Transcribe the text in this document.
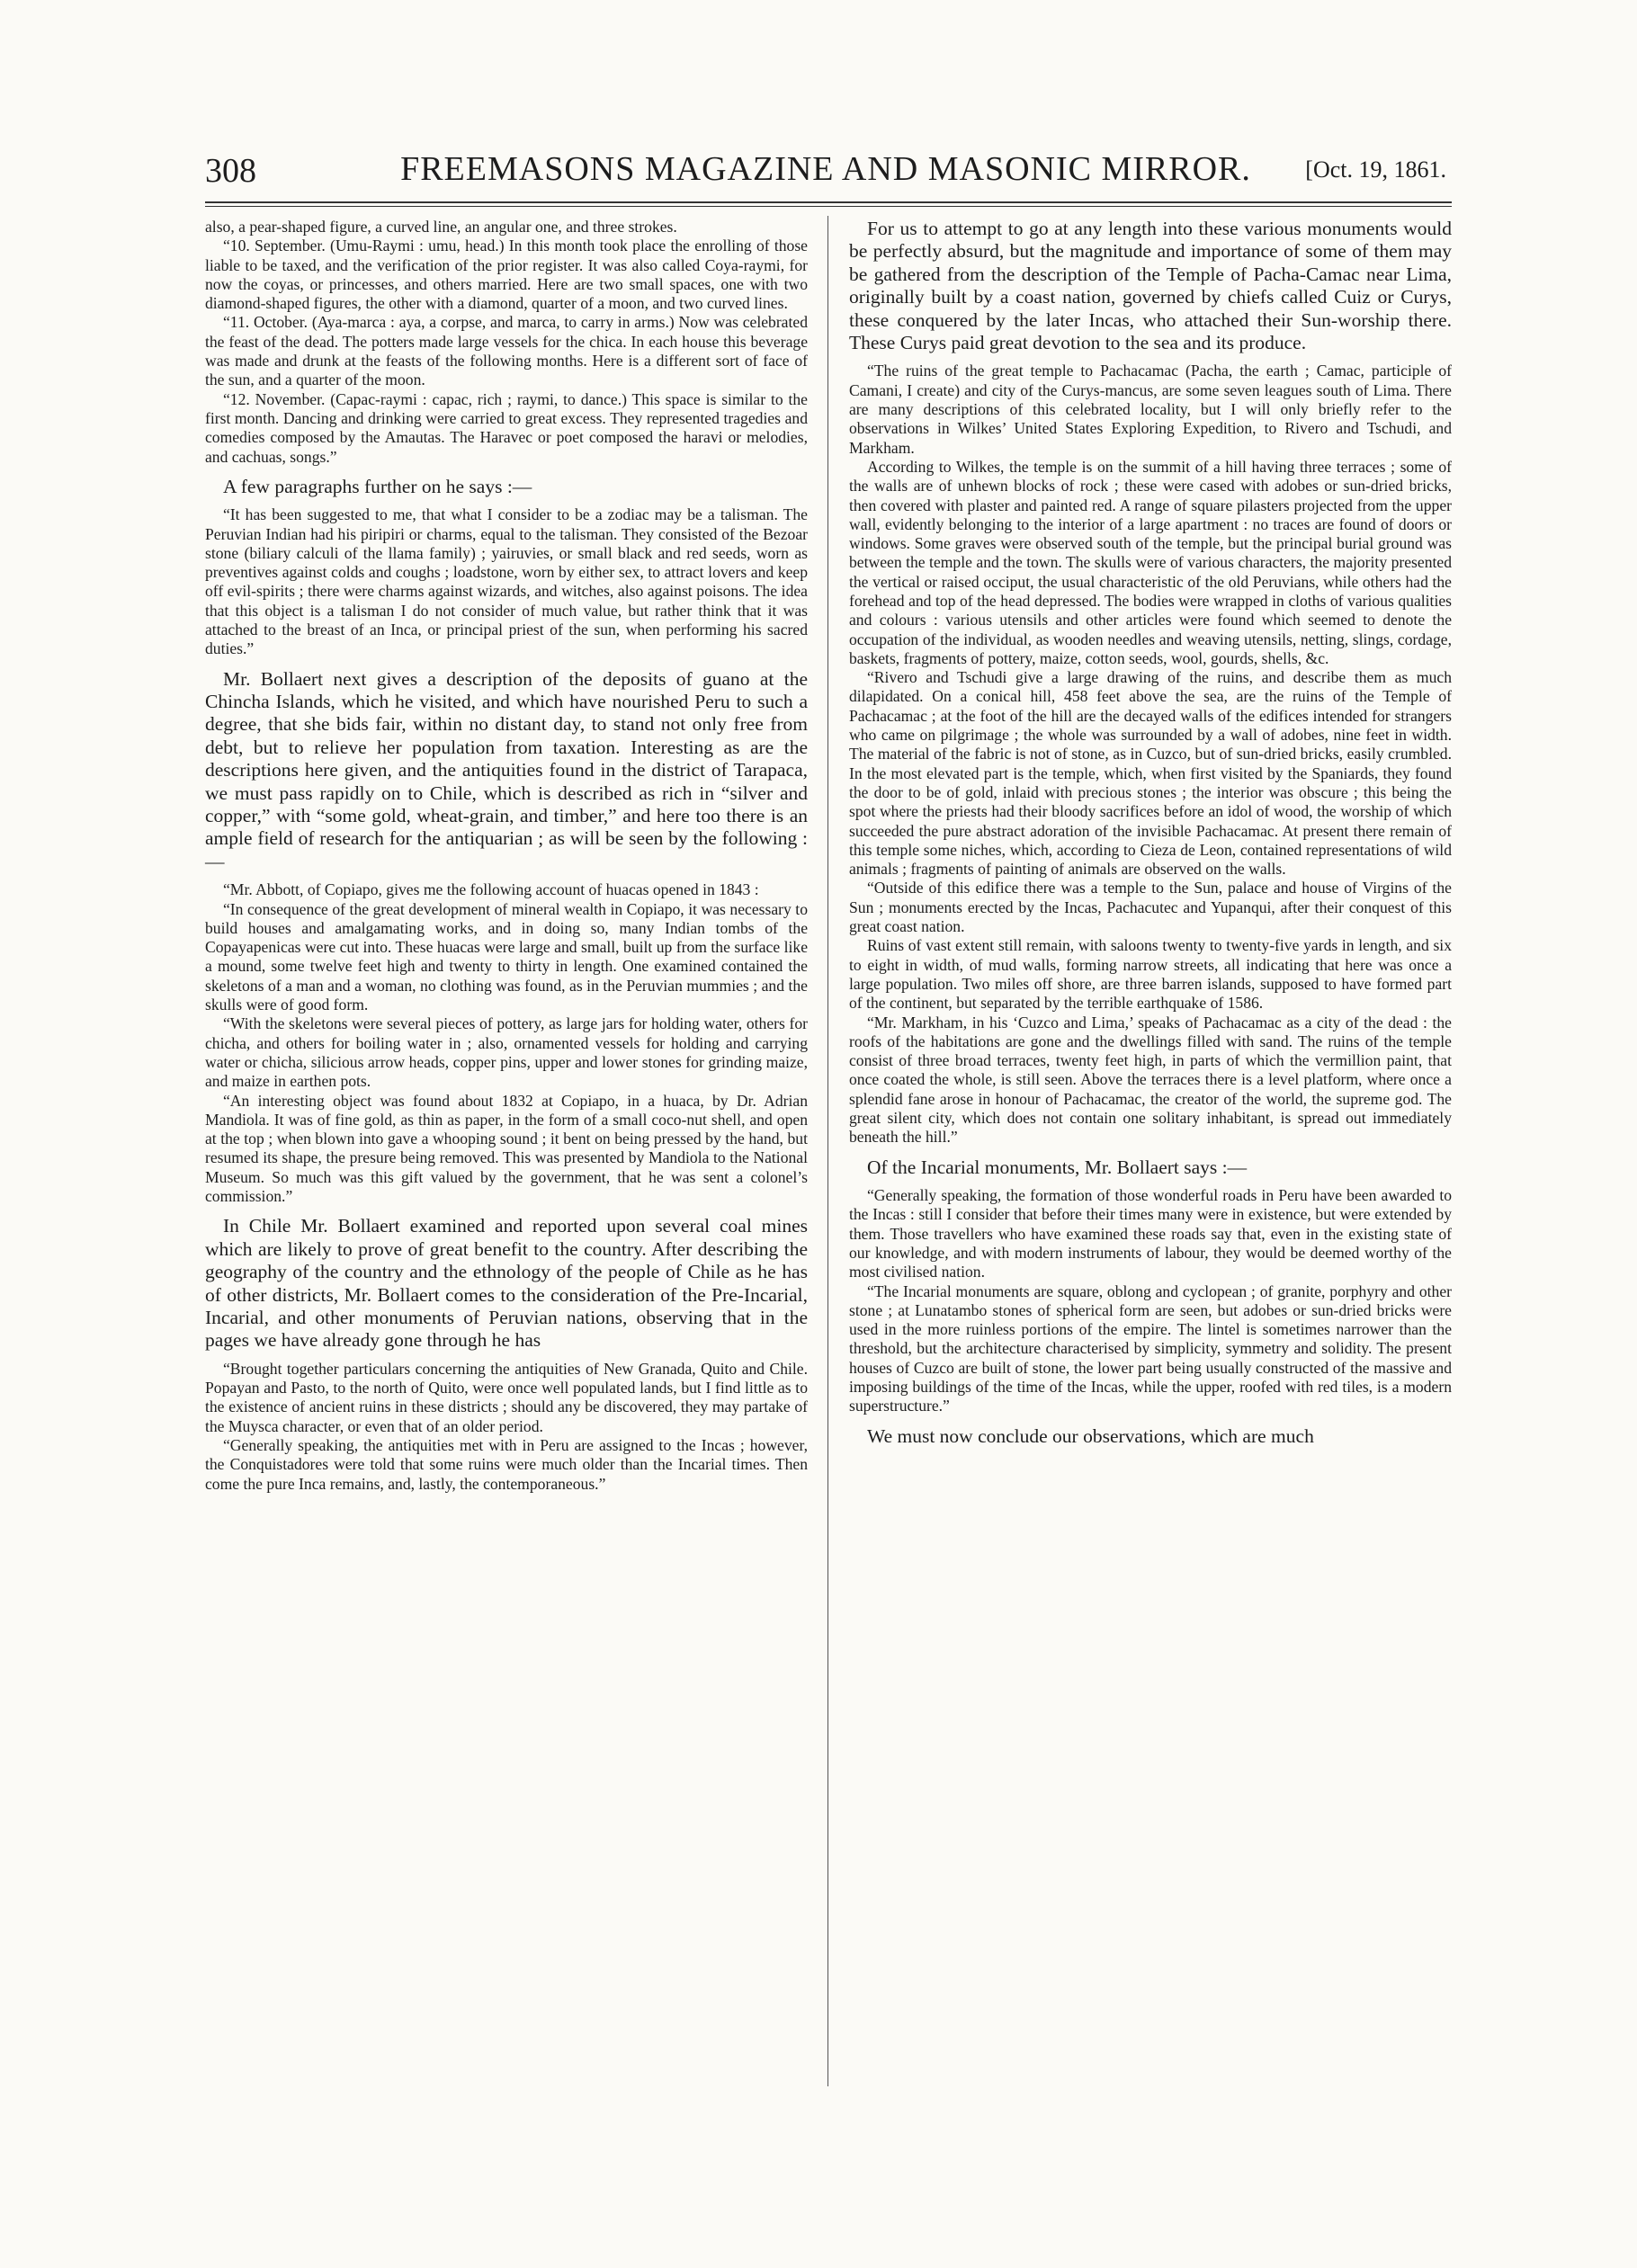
308	FREEMASONS MAGAZINE AND MASONIC MIRROR.	[Oct. 19, 1861.

also, a pear-shaped figure, a curved line, an angular one, and three strokes.

“10. September. (Umu-Raymi : umu, head.) In this month took place the enrolling of those liable to be taxed, and the verification of the prior register. It was also called Coya-raymi, for now the coyas, or princesses, and others married. Here are two small spaces, one with two diamond-shaped figures, the other with a diamond, quarter of a moon, and two curved lines.

“11. October. (Aya-marca : aya, a corpse, and marca, to carry in arms.) Now was celebrated the feast of the dead. The potters made large vessels for the chica. In each house this beverage was made and drunk at the feasts of the following months. Here is a different sort of face of the sun, and a quarter of the moon.

“12. November. (Capac-raymi : capac, rich ; raymi, to dance.) This space is similar to the first month. Dancing and drinking were carried to great excess. They represented tragedies and comedies composed by the Amautas. The Haravec or poet composed the haravi or melodies, and cachuas, songs.”

A few paragraphs further on he says :—

“It has been suggested to me, that what I consider to be a zodiac may be a talisman. The Peruvian Indian had his piripiri or charms, equal to the talisman. They consisted of the Bezoar stone (biliary calculi of the llama family) ; yairuvies, or small black and red seeds, worn as preventives against colds and coughs ; loadstone, worn by either sex, to attract lovers and keep off evil-spirits ; there were charms against wizards, and witches, also against poisons. The idea that this object is a talisman I do not consider of much value, but rather think that it was attached to the breast of an Inca, or principal priest of the sun, when performing his sacred duties.”

Mr. Bollaert next gives a description of the deposits of guano at the Chincha Islands, which he visited, and which have nourished Peru to such a degree, that she bids fair, within no distant day, to stand not only free from debt, but to relieve her population from taxation. Interesting as are the descriptions here given, and the antiquities found in the district of Tarapaca, we must pass rapidly on to Chile, which is described as rich in “silver and copper,” with “some gold, wheat-grain, and timber,” and here too there is an ample field of research for the antiquarian ; as will be seen by the following :—

“Mr. Abbott, of Copiapo, gives me the following account of huacas opened in 1843 :

“In consequence of the great development of mineral wealth in Copiapo, it was necessary to build houses and amalgamating works, and in doing so, many Indian tombs of the Copayapenicas were cut into. These huacas were large and small, built up from the surface like a mound, some twelve feet high and twenty to thirty in length. One examined contained the skeletons of a man and a woman, no clothing was found, as in the Peruvian mummies ; and the skulls were of good form.

“With the skeletons were several pieces of pottery, as large jars for holding water, others for chicha, and others for boiling water in ; also, ornamented vessels for holding and carrying water or chicha, silicious arrow heads, copper pins, upper and lower stones for grinding maize, and maize in earthen pots.

“An interesting object was found about 1832 at Copiapo, in a huaca, by Dr. Adrian Mandiola. It was of fine gold, as thin as paper, in the form of a small coco-nut shell, and open at the top ; when blown into gave a whooping sound ; it bent on being pressed by the hand, but resumed its shape, the presure being removed. This was presented by Mandiola to the National Museum. So much was this gift valued by the government, that he was sent a colonel’s commission.”

In Chile Mr. Bollaert examined and reported upon several coal mines which are likely to prove of great benefit to the country. After describing the geography of the country and the ethnology of the people of Chile as he has of other districts, Mr. Bollaert comes to the consideration of the Pre-Incarial, Incarial, and other monuments of Peruvian nations, observing that in the pages we have already gone through he has

“Brought together particulars concerning the antiquities of New Granada, Quito and Chile. Popayan and Pasto, to the north of Quito, were once well populated lands, but I find little as to the existence of ancient ruins in these districts ; should any be discovered, they may partake of the Muysca character, or even that of an older period.

“Generally speaking, the antiquities met with in Peru are assigned to the Incas ; however, the Conquistadores were told that some ruins were much older than the Incarial times. Then come the pure Inca remains, and, lastly, the contemporaneous.”

For us to attempt to go at any length into these various monuments would be perfectly absurd, but the magnitude and importance of some of them may be gathered from the description of the Temple of Pacha-Camac near Lima, originally built by a coast nation, governed by chiefs called Cuiz or Curys, these conquered by the later Incas, who attached their Sun-worship there. These Curys paid great devotion to the sea and its produce.

“The ruins of the great temple to Pachacamac (Pacha, the earth ; Camac, participle of Camani, I create) and city of the Curys-mancus, are some seven leagues south of Lima. There are many descriptions of this celebrated locality, but I will only briefly refer to the observations in Wilkes’ United States Exploring Expedition, to Rivero and Tschudi, and Markham.

According to Wilkes, the temple is on the summit of a hill having three terraces ; some of the walls are of unhewn blocks of rock ; these were cased with adobes or sun-dried bricks, then covered with plaster and painted red. A range of square pilasters projected from the upper wall, evidently belonging to the interior of a large apartment : no traces are found of doors or windows. Some graves were observed south of the temple, but the principal burial ground was between the temple and the town. The skulls were of various characters, the majority presented the vertical or raised occiput, the usual characteristic of the old Peruvians, while others had the forehead and top of the head depressed. The bodies were wrapped in cloths of various qualities and colours : various utensils and other articles were found which seemed to denote the occupation of the individual, as wooden needles and weaving utensils, netting, slings, cordage, baskets, fragments of pottery, maize, cotton seeds, wool, gourds, shells, &c.

“Rivero and Tschudi give a large drawing of the ruins, and describe them as much dilapidated. On a conical hill, 458 feet above the sea, are the ruins of the Temple of Pachacamac ; at the foot of the hill are the decayed walls of the edifices intended for strangers who came on pilgrimage ; the whole was surrounded by a wall of adobes, nine feet in width. The material of the fabric is not of stone, as in Cuzco, but of sun-dried bricks, easily crumbled. In the most elevated part is the temple, which, when first visited by the Spaniards, they found the door to be of gold, inlaid with precious stones ; the interior was obscure ; this being the spot where the priests had their bloody sacrifices before an idol of wood, the worship of which succeeded the pure abstract adoration of the invisible Pachacamac. At present there remain of this temple some niches, which, according to Cieza de Leon, contained representations of wild animals ; fragments of painting of animals are observed on the walls.

“Outside of this edifice there was a temple to the Sun, palace and house of Virgins of the Sun ; monuments erected by the Incas, Pachacutec and Yupanqui, after their conquest of this great coast nation.

Ruins of vast extent still remain, with saloons twenty to twenty-five yards in length, and six to eight in width, of mud walls, forming narrow streets, all indicating that here was once a large population. Two miles off shore, are three barren islands, supposed to have formed part of the continent, but separated by the terrible earthquake of 1586.

“Mr. Markham, in his ‘Cuzco and Lima,’ speaks of Pachacamac as a city of the dead : the roofs of the habitations are gone and the dwellings filled with sand. The ruins of the temple consist of three broad terraces, twenty feet high, in parts of which the vermillion paint, that once coated the whole, is still seen. Above the terraces there is a level platform, where once a splendid fane arose in honour of Pachacamac, the creator of the world, the supreme god. The great silent city, which does not contain one solitary inhabitant, is spread out immediately beneath the hill.”

Of the Incarial monuments, Mr. Bollaert says :—

“Generally speaking, the formation of those wonderful roads in Peru have been awarded to the Incas : still I consider that before their times many were in existence, but were extended by them. Those travellers who have examined these roads say that, even in the existing state of our knowledge, and with modern instruments of labour, they would be deemed worthy of the most civilised nation.

“The Incarial monuments are square, oblong and cyclopean ; of granite, porphyry and other stone ; at Lunatambo stones of spherical form are seen, but adobes or sun-dried bricks were used in the more ruinless portions of the empire. The lintel is sometimes narrower than the threshold, but the architecture characterised by simplicity, symmetry and solidity. The present houses of Cuzco are built of stone, the lower part being usually constructed of the massive and imposing buildings of the time of the Incas, while the upper, roofed with red tiles, is a modern superstructure.”

We must now conclude our observations, which are much
